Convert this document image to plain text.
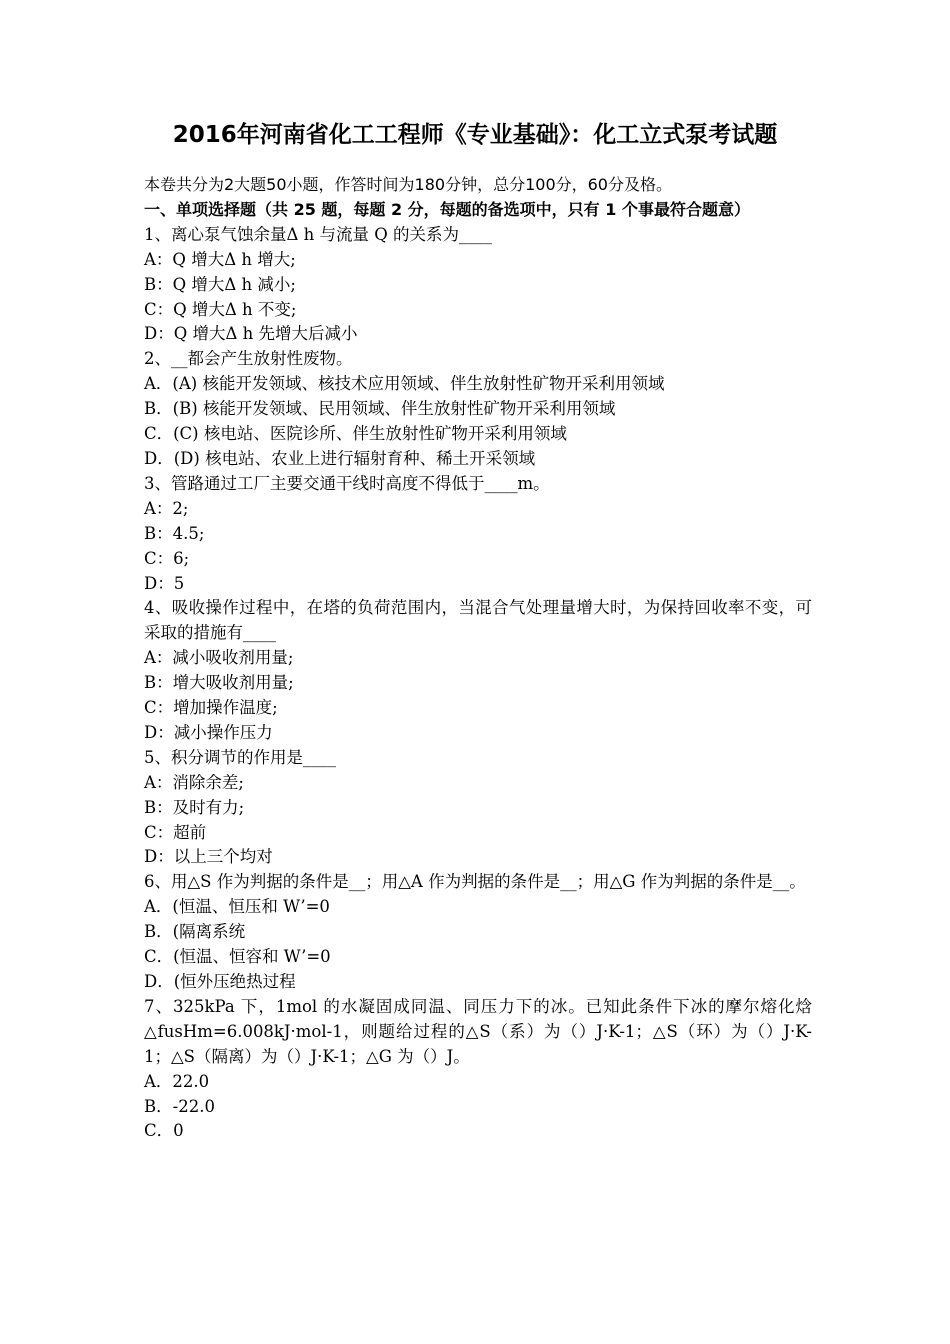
2016年河南省化工工程师《专业基础》：化工立式泵考试题
本卷共分为2大题50小题，作答时间为180分钟，总分100分，60分及格。
一、单项选择题（共 25 题，每题 2 分，每题的备选项中，只有 1 个事最符合题意）
1、离心泵气蚀余量Δ h 与流量 Q 的关系为____
A：Q 增大Δ h 增大;
B：Q 增大Δ h 减小;
C：Q 增大Δ h 不变;
D：Q 增大Δ h 先增大后减小
2、__都会产生放射性废物。
A．(A) 核能开发领域、核技术应用领域、伴生放射性矿物开采利用领域
B．(B) 核能开发领域、民用领域、伴生放射性矿物开采利用领域
C．(C) 核电站、医院诊所、伴生放射性矿物开采利用领域
D．(D) 核电站、农业上进行辐射育种、稀土开采领域
3、管路通过工厂主要交通干线时高度不得低于____m。
A：2;
B：4.5;
C：6;
D：5
4、吸收操作过程中，在塔的负荷范围内，当混合气处理量增大时，为保持回收率不变，可采取的措施有____
A：减小吸收剂用量;
B：增大吸收剂用量;
C：增加操作温度;
D：减小操作压力
5、积分调节的作用是____
A：消除余差;
B：及时有力;
C：超前
D：以上三个均对
6、用△S 作为判据的条件是__；用△A 作为判据的条件是__；用△G 作为判据的条件是__。
A．(恒温、恒压和 W’=0
B．(隔离系统
C．(恒温、恒容和 W’=0
D．(恒外压绝热过程
7、325kPa 下，1mol 的水凝固成同温、同压力下的冰。已知此条件下冰的摩尔熔化焓△fusHm=6.008kJ·mol-1，则题给过程的△S（系）为（）J·K-1；△S（环）为（）J·K-1；△S（隔离）为（）J·K-1；△G 为（）J。
A．22.0
B．-22.0
C．0
